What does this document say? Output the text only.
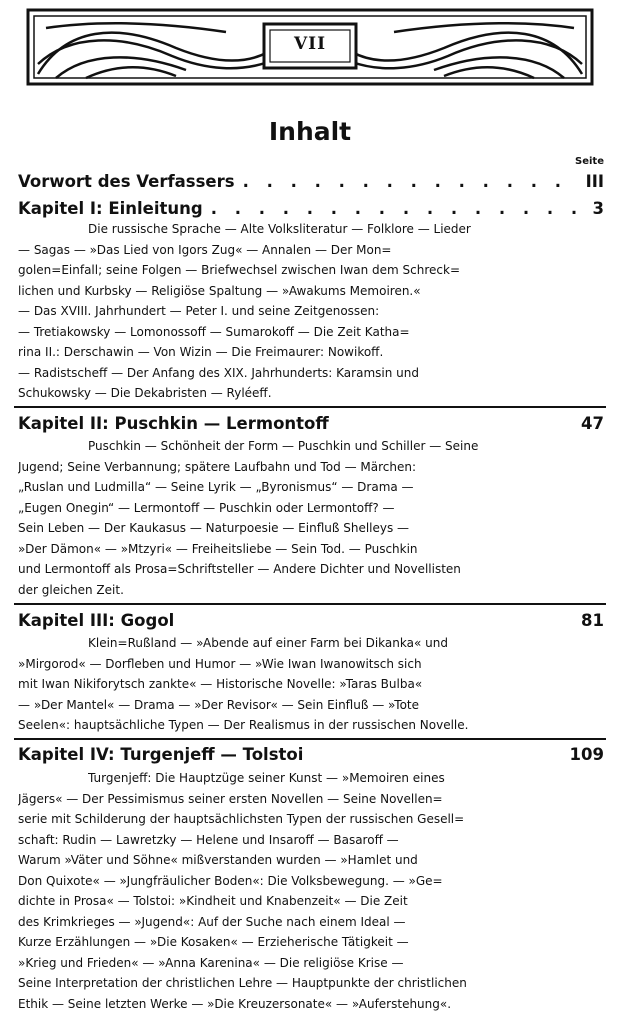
VII
Inhalt
Seite
Vorwort des Verfassers . . .	III
Kapitel I: Einleitung . . .	3
Die russische Sprache — Alte Volksliteratur — Folklore — Lieder
— Sagas — »Das Lied von Igors Zug« — Annalen — Der Mon=
golen=Einfall; seine Folgen — Briefwechsel zwischen Iwan dem Schreck=
lichen und Kurbsky — Religiöse Spaltung — »Awakums Memoiren.«
— Das XVIII. Jahrhundert — Peter I. und seine Zeitgenossen:
— Tretiakowsky — Lomonossoff — Sumarokoff — Die Zeit Katha=
rina II.: Derschawin — Von Wizin — Die Freimaurer: Nowikoff.
— Radistscheff — Der Anfang des XIX. Jahrhunderts: Karamsin und
Schukowsky — Die Dekabristen — Ryléeff.
Kapitel II: Puschkin — Lermontoff	47
Puschkin — Schönheit der Form — Puschkin und Schiller — Seine
Jugend; Seine Verbannung; spätere Laufbahn und Tod — Märchen:
„Ruslan und Ludmilla“ — Seine Lyrik — „Byronismus“ — Drama —
„Eugen Onegin“ — Lermontoff — Puschkin oder Lermontoff? —
Sein Leben — Der Kaukasus — Naturpoesie — Einfluß Shelleys —
»Der Dämon« — »Mtzyri« — Freiheitsliebe — Sein Tod. — Puschkin
und Lermontoff als Prosa=Schriftsteller — Andere Dichter und Novellisten
der gleichen Zeit.
Kapitel III: Gogol	81
Klein=Rußland — »Abende auf einer Farm bei Dikanka« und
»Mirgorod« — Dorfleben und Humor — »Wie Iwan Iwanowitsch sich
mit Iwan Nikiforytsch zankte« — Historische Novelle: »Taras Bulba«
— »Der Mantel« — Drama — »Der Revisor« — Sein Einfluß — »Tote
Seelen«: hauptsächliche Typen — Der Realismus in der russischen Novelle.
Kapitel IV: Turgenjeff — Tolstoi	109
Turgenjeff: Die Hauptzüge seiner Kunst — »Memoiren eines
Jägers« — Der Pessimismus seiner ersten Novellen — Seine Novellen=
serie mit Schilderung der hauptsächlichsten Typen der russischen Gesell=
schaft: Rudin — Lawretzky — Helene und Insaroff — Basaroff —
Warum »Väter und Söhne« mißverstanden wurden — »Hamlet und
Don Quixote« — »Jungfräulicher Boden«: Die Volksbewegung. — »Ge=
dichte in Prosa« — Tolstoi: »Kindheit und Knabenzeit« — Die Zeit
des Krimkrieges — »Jugend«: Auf der Suche nach einem Ideal —
Kurze Erzählungen — »Die Kosaken« — Erzieherische Tätigkeit —
»Krieg und Frieden« — »Anna Karenina« — Die religiöse Krise —
Seine Interpretation der christlichen Lehre — Hauptpunkte der christlichen
Ethik — Seine letzten Werke — »Die Kreuzersonate« — »Auferstehung«.
